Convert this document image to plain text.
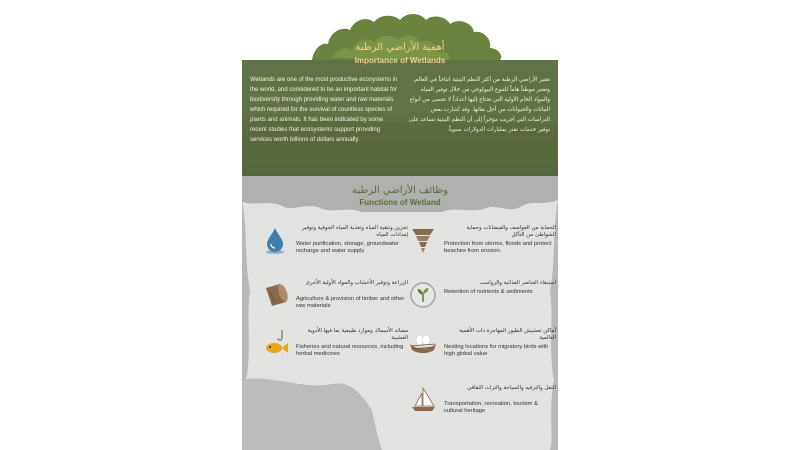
أهمية الأراضي الرطبة
Importance of Wetlands
Wetlands are one of the most productive ecosystems in the world, and considered to be an important habitat for biodiversity through providing water and raw materials which required for the survival of countless species of plants and animals. It has been indicated by some recent studies that ecosystems support providing services worth billions of dollars annually.
تعتبر الأراضي الرطبة من أكثر النظم البيئية انتاجاً في العالم، وتعتبر موطناً هاماً للتنوع البيولوجي من خلال توفير المياه والمواد الخام الأولية التي تحتاج إليها أعداداً لا تحصى من أنواع النباتات والحيوانات من أجل بقائها. وقد أشارت بعض الدراسات التي أجريت مؤخراً إلى أن النظم البيئية تساعد على توفير خدمات تقدر بمليارات الدولارات سنوياً.
وظائف الأراضي الرطبة
Functions of Wetland
تخزين وتنقية المياه وتغذية المياه الجوفية وتوفير إمدادات المياه
Water purification, storage, groundwater recharge and water supply
الحماية من العواصف والفيضانات وحماية الشواطئ من التآكل
Protection from storms, floods and protect beaches from erosion.
الزراعة وتوفير الأخشاب والمواد الأولية الأخرى
Agriculture & provision of timber and other raw materials
استبقاء العناصر الغذائية والرواسب
Retention of nutrients & sediments
مصائد الأسماك وموارد طبيعية بما فيها الأدوية العشبية
Fisheries and natural resources, including herbal medicines
أماكن تعشيش الطيور المهاجرة ذات الأهمية العالمية
Nesting locations for migratory birds with high global value
النقل والترفيه والسياحة والتراث الثقافي
Transportation, recreation, tourism & cultural heritage
